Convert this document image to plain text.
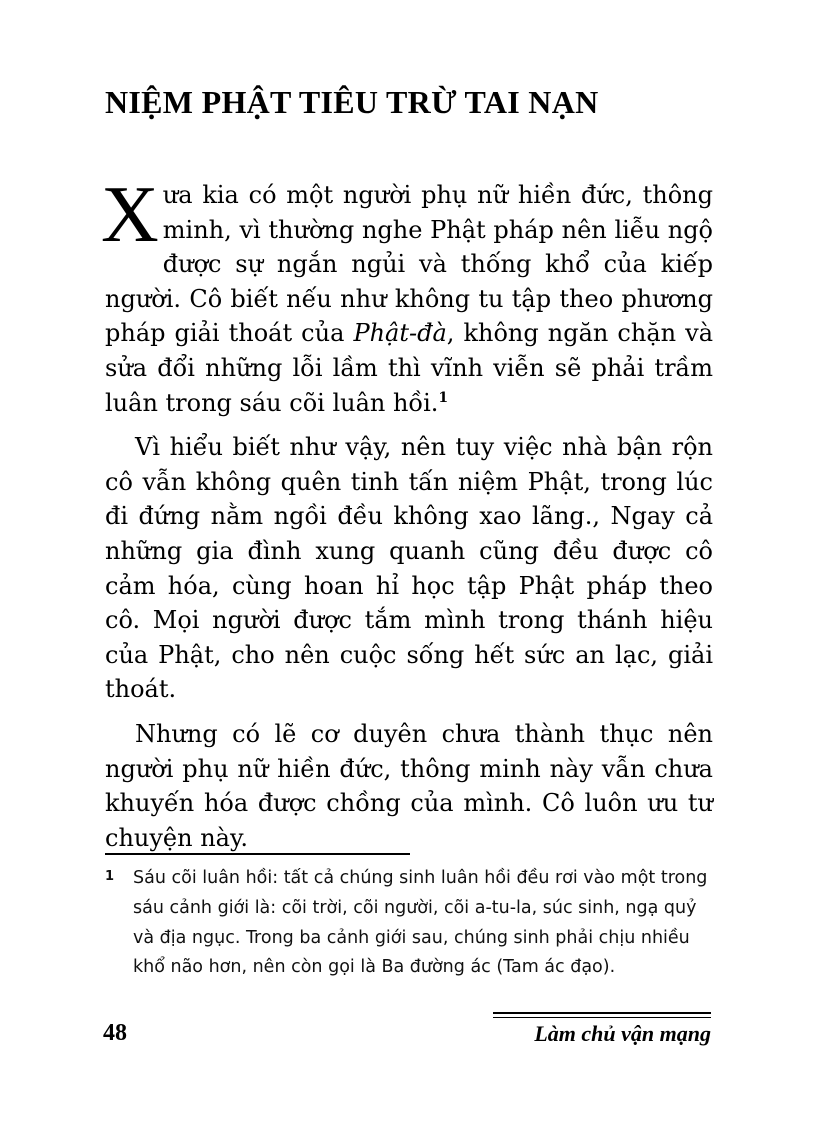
NIỆM PHẬT TIÊU TRỪ TAI NẠN

Xưa kia có một người phụ nữ hiền đức, thông minh, vì thường nghe Phật pháp nên liễu ngộ được sự ngắn ngủi và thống khổ của kiếp người. Cô biết nếu như không tu tập theo phương pháp giải thoát của Phật-đà, không ngăn chặn và sửa đổi những lỗi lầm thì vĩnh viễn sẽ phải trầm luân trong sáu cõi luân hồi.$^1$

Vì hiểu biết như vậy, nên tuy việc nhà bận rộn cô vẫn không quên tinh tấn niệm Phật, trong lúc đi đứng nằm ngồi đều không xao lãng., Ngay cả những gia đình xung quanh cũng đều được cô cảm hóa, cùng hoan hỉ học tập Phật pháp theo cô. Mọi người được tắm mình trong thánh hiệu của Phật, cho nên cuộc sống hết sức an lạc, giải thoát.

Nhưng có lẽ cơ duyên chưa thành thục nên người phụ nữ hiền đức, thông minh này vẫn chưa khuyến hóa được chồng của mình. Cô luôn ưu tư chuyện này.

1 Sáu cõi luân hồi: tất cả chúng sinh luân hồi đều rơi vào một trong sáu cảnh giới là: cõi trời, cõi người, cõi a-tu-la, súc sinh, ngạ quỷ và địa ngục. Trong ba cảnh giới sau, chúng sinh phải chịu nhiều khổ não hơn, nên còn gọi là Ba đường ác (Tam ác đạo).
48	Làm chủ vận mạng
